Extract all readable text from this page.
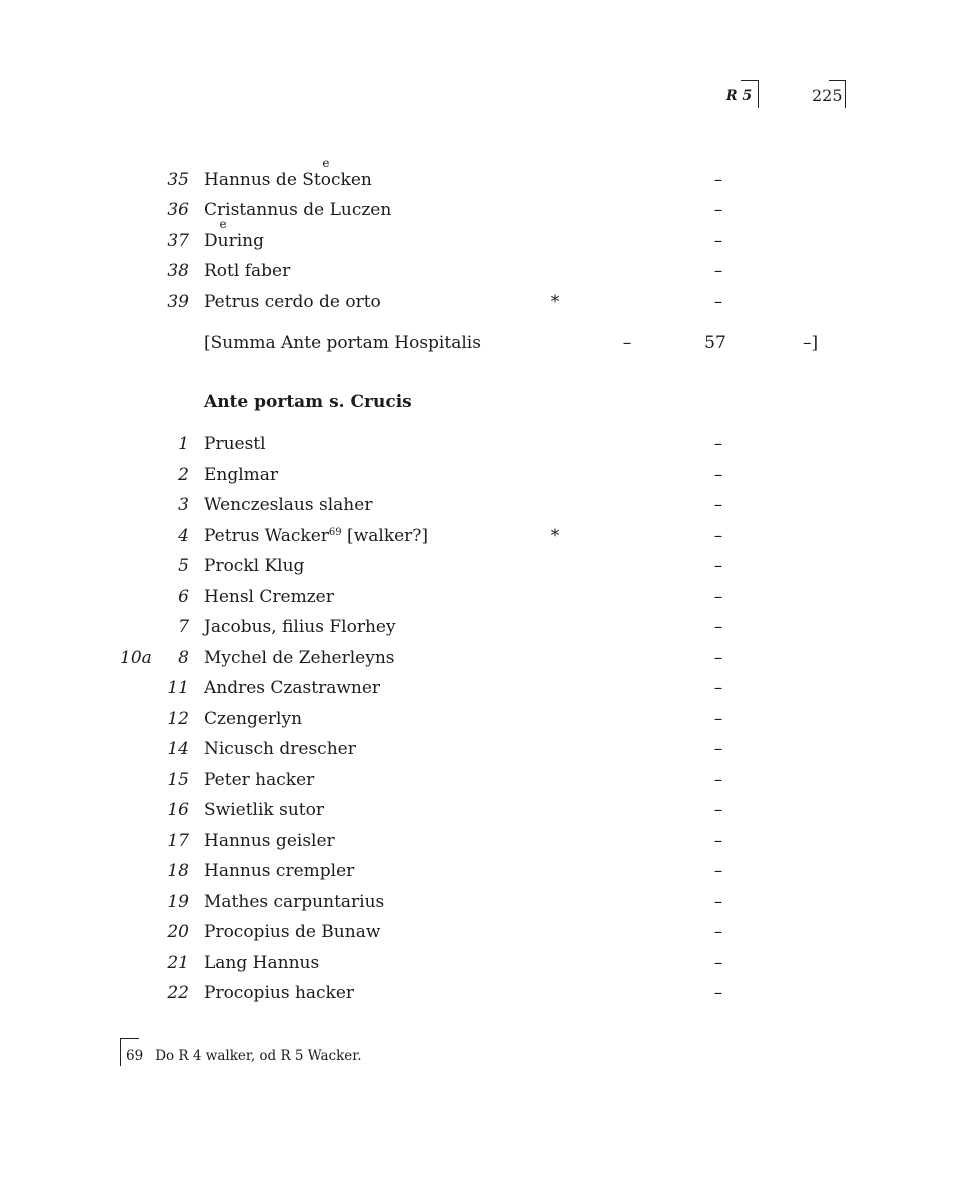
R 5	225
35 Hannus de Sto
e
cken	–
36 Cristannus de Luczen	–
37 Du
e
ring	–
38 Rotl faber	–
39 Petrus cerdo de orto	*	–
[Summa Ante portam Hospitalis	–	57	–]
Ante portam s. Crucis
1 Pruestl	–
2 Englmar	–
3 Wenczeslaus slaher	–
4 Petrus Wacker$^{69}$ [walker?]	*	–
5 Prockl Klug	–
6 Hensl Cremzer	–
7 Jacobus, filius Florhey	–
10a	8 Mychel de Zeherleyns	–
11 Andres Czastrawner	–
12 Czengerlyn	–
14 Nicusch drescher	–
15 Peter hacker	–
16 Swietlik sutor	–
17 Hannus geisler	–
18 Hannus crempler	–
19 Mathes carpuntarius	–
20 Procopius de Bunaw	–
21 Lang Hannus	–
22 Procopius hacker	–
69 Do R 4 walker, od R 5 Wacker.
